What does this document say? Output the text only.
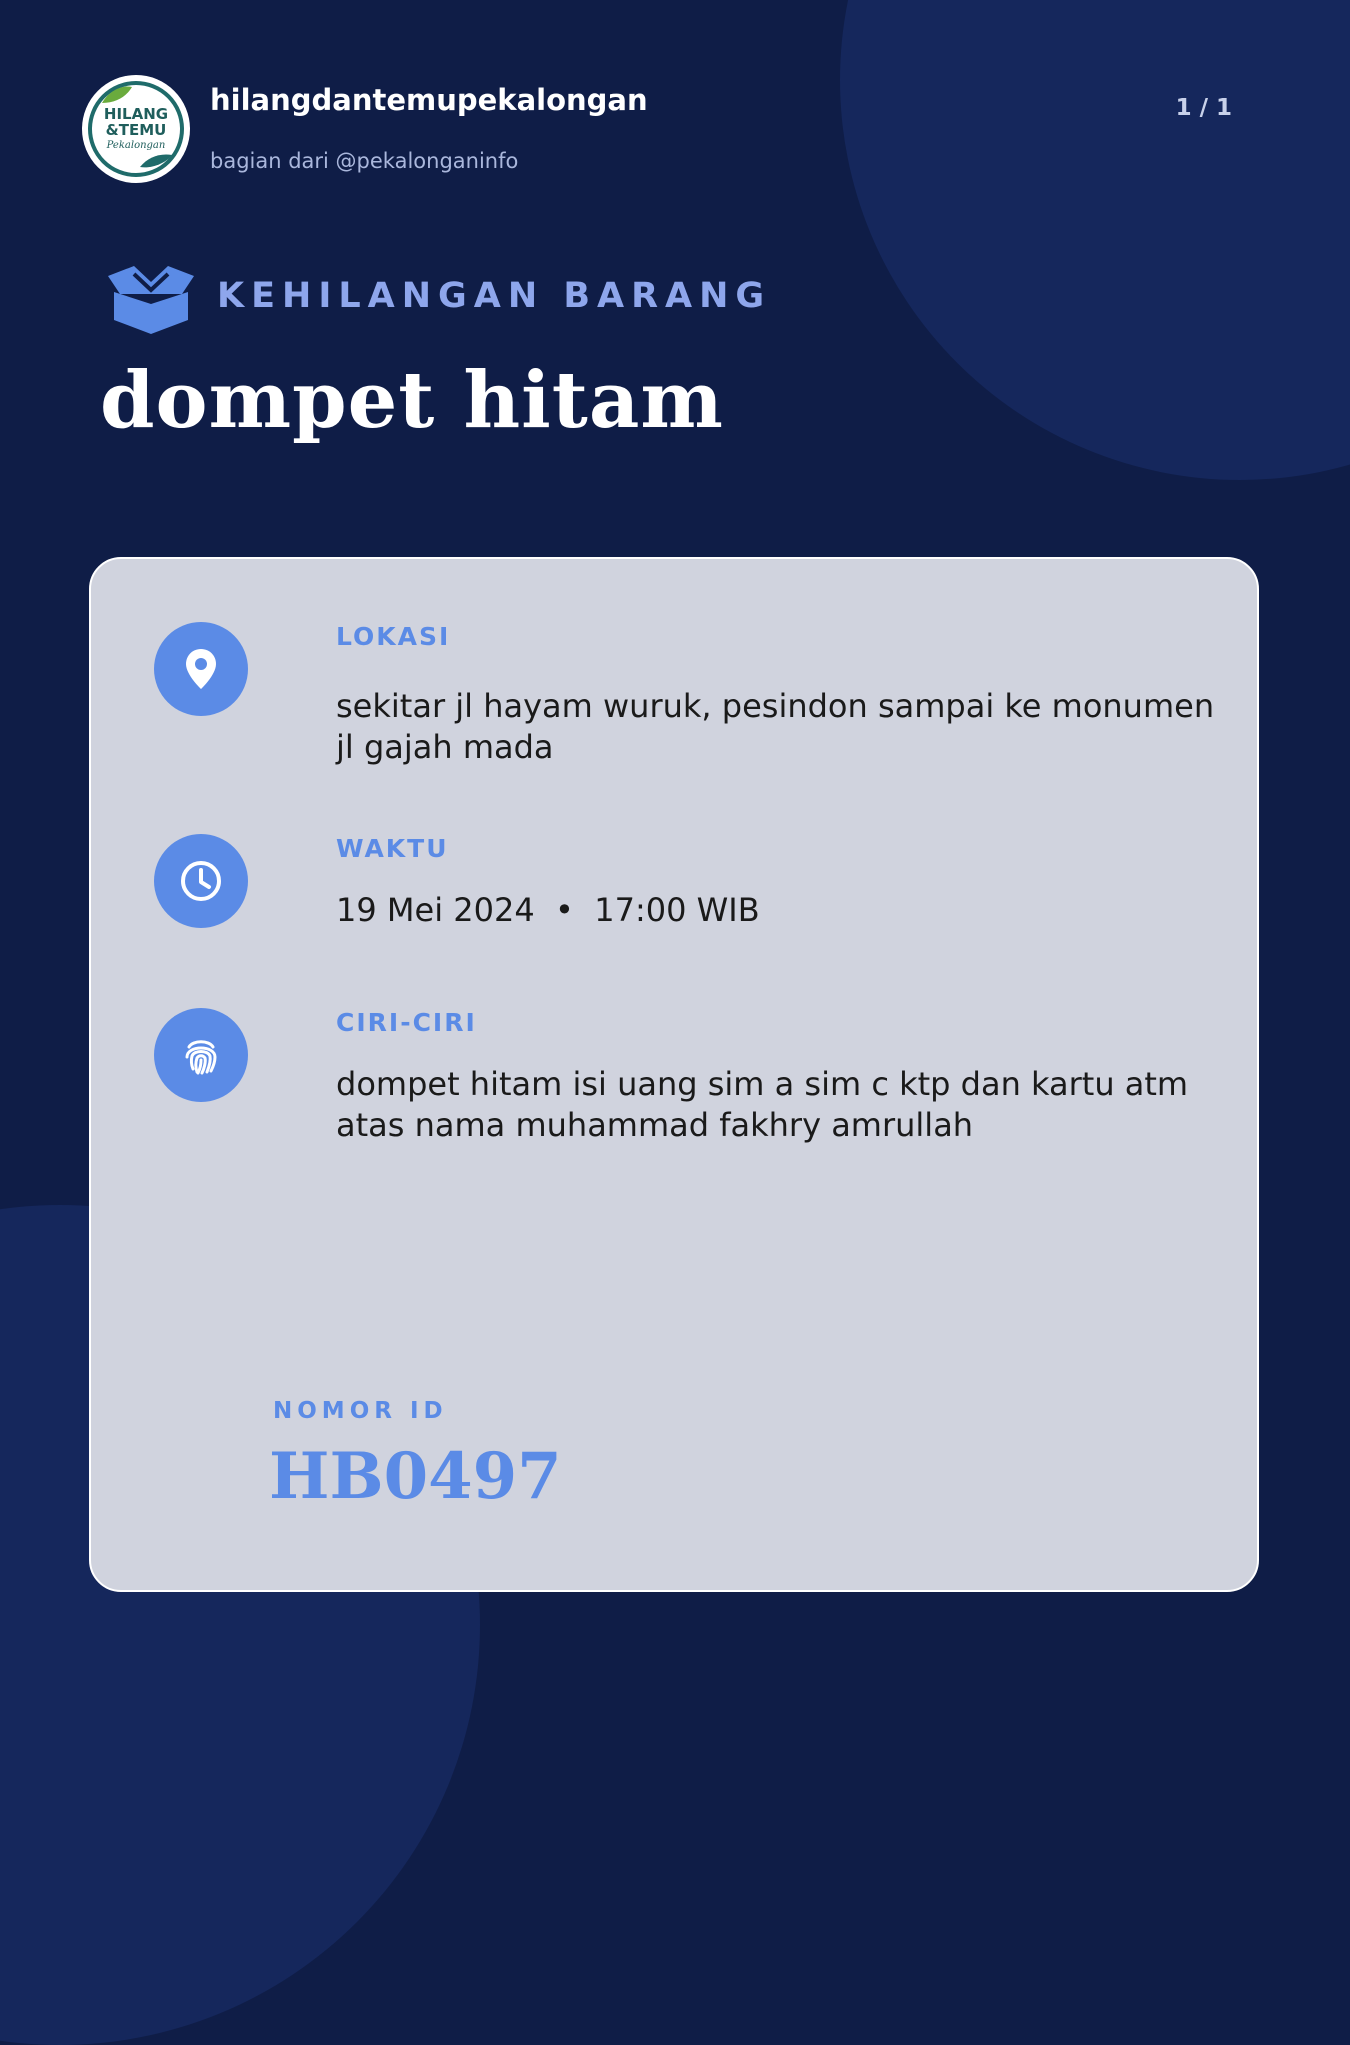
HILANG
&TEMU
Pekalongan
hilangdantemupekalongan
bagian dari @pekalonganinfo
1 / 1
KEHILANGAN BARANG
dompet hitam
LOKASI
sekitar jl hayam wuruk, pesindon sampai ke monumen jl gajah mada
WAKTU
19 Mei 2024  •  17:00 WIB
CIRI-CIRI
dompet hitam isi uang sim a sim c ktp dan kartu atm atas nama muhammad fakhry amrullah
NOMOR ID
HB0497
